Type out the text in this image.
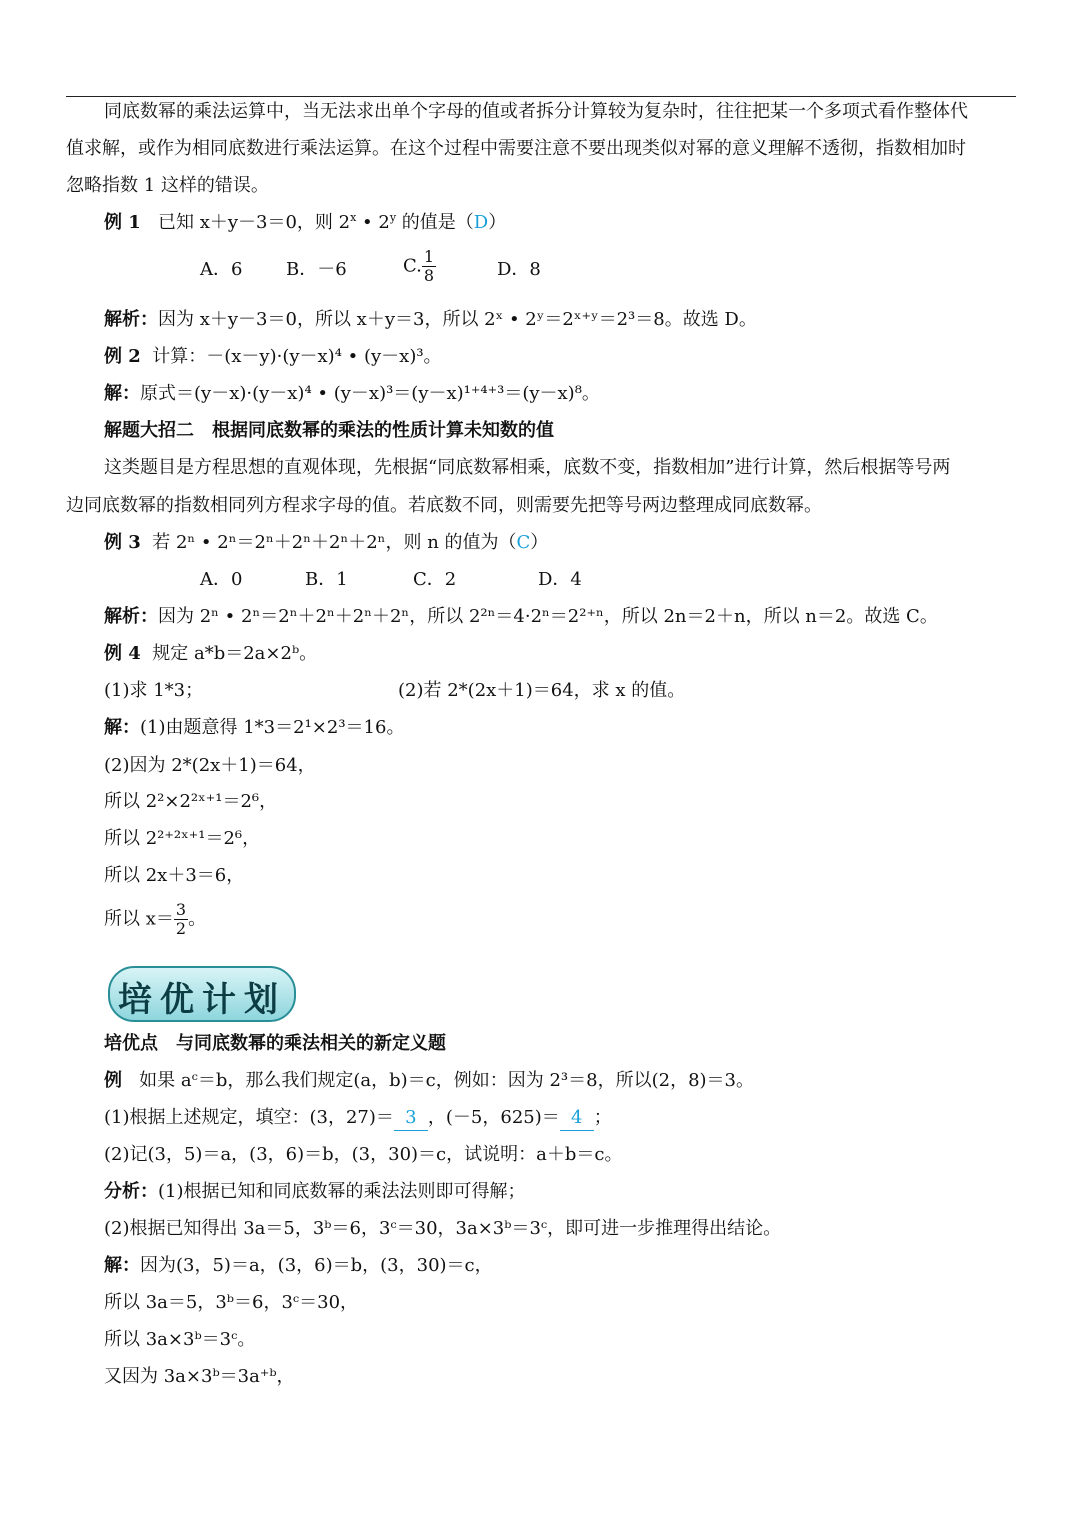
同底数幂的乘法运算中，当无法求出单个字母的值或者拆分计算较为复杂时，往往把某一个多项式看作整体代
值求解，或作为相同底数进行乘法运算。在这个过程中需要注意不要出现类似对幂的意义理解不透彻，指数相加时
忽略指数 1 这样的错误。
例 1 已知 x＋y－3＝0，则 2$^x$ • 2$^y$ 的值是（D）
A．6 B．－6	C. $\frac{1}{8}$	D．8
解析：因为 x＋y－3＝0，所以 x＋y＝3，所以 2ˣ • 2ʸ＝2ˣ⁺ʸ＝2³＝8。故选 D。
例 2 计算：－(x－y)·(y－x)⁴ • (y－x)³。
解：原式＝(y－x)·(y－x)⁴ • (y－x)³＝(y－x)¹⁺⁴⁺³＝(y－x)⁸。
解题大招二　根据同底数幂的乘法的性质计算未知数的值
这类题目是方程思想的直观体现，先根据“同底数幂相乘，底数不变，指数相加”进行计算，然后根据等号两
边同底数幂的指数相同列方程求字母的值。若底数不同，则需要先把等号两边整理成同底数幂。
例 3 若 2ⁿ • 2ⁿ＝2ⁿ＋2ⁿ＋2ⁿ＋2ⁿ，则 n 的值为（C）
A．0	B．1	C．2	D．4
解析：因为 2ⁿ • 2ⁿ＝2ⁿ＋2ⁿ＋2ⁿ＋2ⁿ，所以 2²ⁿ＝4·2ⁿ＝2²⁺ⁿ，所以 2n＝2＋n，所以 n＝2。故选 C。
例 4 规定 a*b＝2a×2ᵇ。
(1)求 1*3；	(2)若 2*(2x＋1)＝64，求 x 的值。
解：(1)由题意得 1*3＝2¹×2³＝16。
(2)因为 2*(2x＋1)＝64，
所以 2²×2²ˣ⁺¹＝2⁶，
所以 2²⁺²ˣ⁺¹＝2⁶，
所以 2x＋3＝6，
所以 $x= \frac{3}{2}$ 。
培优计划
培优点　与同底数幂的乘法相关的新定义题
例 如果 aᶜ＝b，那么我们规定(a，b)＝c，例如：因为 2³＝8，所以(2，8)＝3。
(1)根据上述规定，填空：(3，27)＝ 3 ，(－5，625)＝ 4 ；
(2)记(3，5)＝a，(3，6)＝b，(3，30)＝c，试说明：a＋b＝c。
分析：(1)根据已知和同底数幂的乘法法则即可得解；
(2)根据已知得出 3a＝5，3ᵇ＝6，3ᶜ＝30，3a×3ᵇ＝3ᶜ，即可进一步推理得出结论。
解：因为(3，5)＝a，(3，6)＝b，(3，30)＝c，
所以 3a＝5，3ᵇ＝6，3ᶜ＝30，
所以 3a×3ᵇ＝3ᶜ。
又因为 3a×3ᵇ＝3a⁺ᵇ，
